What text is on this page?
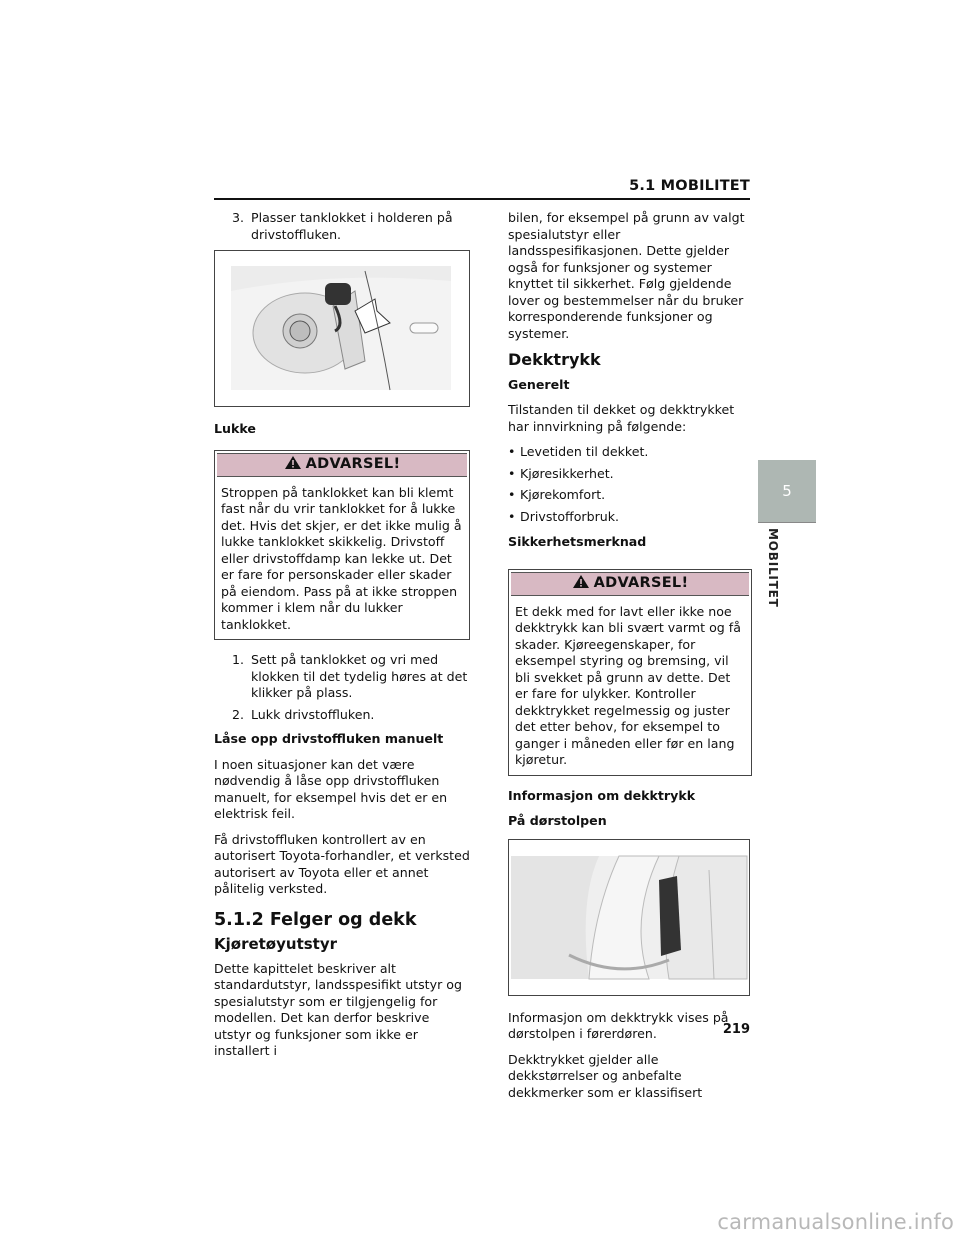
5.1 MOBILITET
3. Plasser tanklokket i holderen på drivstoffluken.
Lukke
ADVARSEL!
Stroppen på tanklokket kan bli klemt fast når du vrir tanklokket for å lukke det. Hvis det skjer, er det ikke mulig å lukke tanklokket skikkelig. Drivstoff eller drivstoffdamp kan lekke ut. Det er fare for personskader eller skader på eiendom. Pass på at ikke stroppen kommer i klem når du lukker tanklokket.
1. Sett på tanklokket og vri med klokken til det tydelig høres at det klikker på plass.
2. Lukk drivstoffluken.
Låse opp drivstoffluken manuelt

I noen situasjoner kan det være nødvendig å låse opp drivstoffluken manuelt, for eksempel hvis det er en elektrisk feil.

Få drivstoffluken kontrollert av en autorisert Toyota-forhandler, et verksted autorisert av Toyota eller et annet pålitelig verksted.

5.1.2 Felger og dekk
Kjøretøyutstyr

Dette kapittelet beskriver alt standardutstyr, landsspesifikt utstyr og spesialutstyr som er tilgjengelig for modellen. Det kan derfor beskrive utstyr og funksjoner som ikke er installert i

bilen, for eksempel på grunn av valgt spesialutstyr eller landsspesifikasjonen. Dette gjelder også for funksjoner og systemer knyttet til sikkerhet. Følg gjeldende lover og bestemmelser når du bruker korresponderende funksjoner og systemer.

Dekktrykk
Generelt

Tilstanden til dekket og dekktrykket har innvirkning på følgende:

• Levetiden til dekket.
• Kjøresikkerhet.
• Kjørekomfort.
• Drivstofforbruk.
Sikkerhetsmerknad
ADVARSEL!
Et dekk med for lavt eller ikke noe dekktrykk kan bli svært varmt og få skader. Kjøreegenskaper, for eksempel styring og bremsing, vil bli svekket på grunn av dette. Det er fare for ulykker. Kontroller dekktrykket regelmessig og juster det etter behov, for eksempel to ganger i måneden eller før en lang kjøretur.
Informasjon om dekktrykk
På dørstolpen

Informasjon om dekktrykk vises på dørstolpen i førerdøren.

Dekktrykket gjelder alle dekkstørrelser og anbefalte dekkmerker som er klassifisert

5
MOBILITET
219
carmanualsonline.info
